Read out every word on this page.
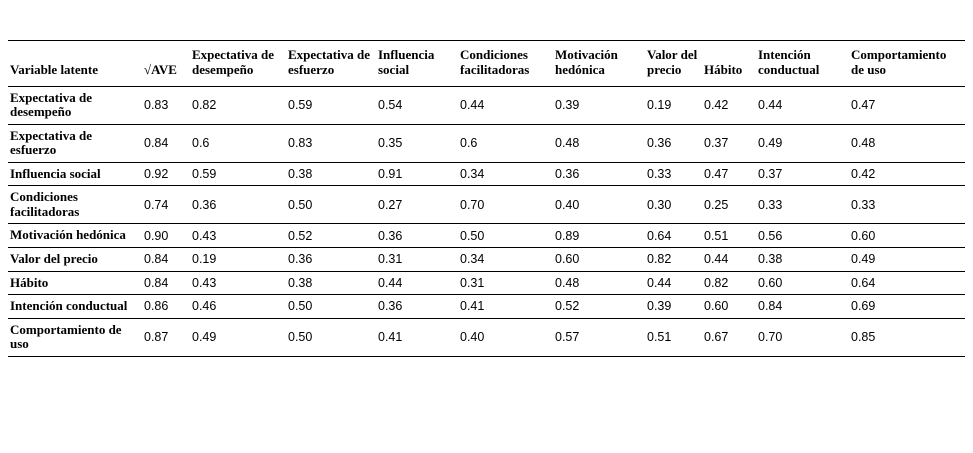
Variable latente	√AVE	Expectativa de desempeño	Expectativa de esfuerzo	Influencia social	Condiciones facilitadoras	Motivación hedónica	Valor del precio	Hábito	Intención conductual	Comportamiento de uso
Expectativa de desempeño	0.83	0.82	0.59	0.54	0.44	0.39	0.19	0.42	0.44	0.47
Expectativa de esfuerzo	0.84	0.6	0.83	0.35	0.6	0.48	0.36	0.37	0.49	0.48
Influencia social	0.92	0.59	0.38	0.91	0.34	0.36	0.33	0.47	0.37	0.42
Condiciones facilitadoras	0.74	0.36	0.50	0.27	0.70	0.40	0.30	0.25	0.33	0.33
Motivación hedónica	0.90	0.43	0.52	0.36	0.50	0.89	0.64	0.51	0.56	0.60
Valor del precio	0.84	0.19	0.36	0.31	0.34	0.60	0.82	0.44	0.38	0.49
Hábito	0.84	0.43	0.38	0.44	0.31	0.48	0.44	0.82	0.60	0.64
Intención conductual	0.86	0.46	0.50	0.36	0.41	0.52	0.39	0.60	0.84	0.69
Comportamiento de uso	0.87	0.49	0.50	0.41	0.40	0.57	0.51	0.67	0.70	0.85
